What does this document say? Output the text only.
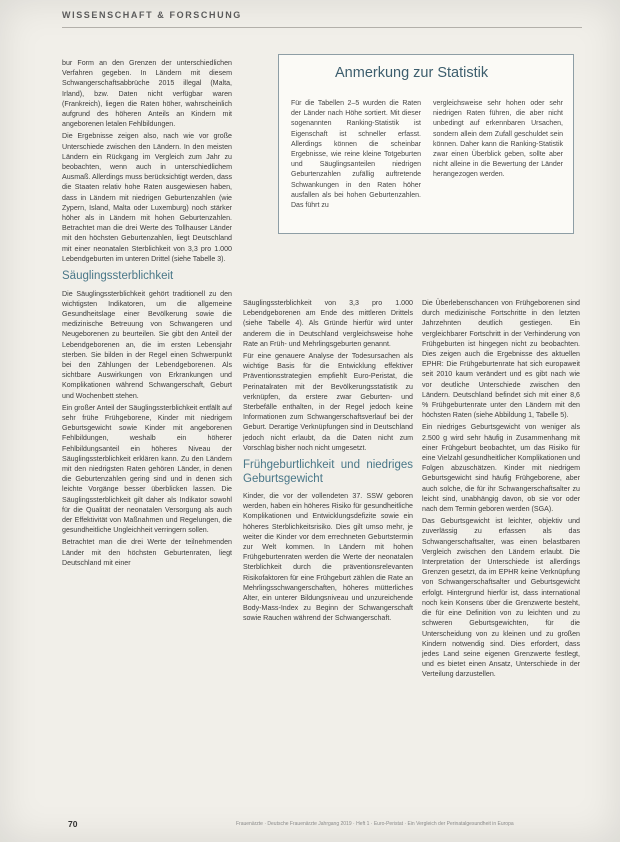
WISSENSCHAFT & FORSCHUNG

bur Form an den Grenzen der unterschiedlichen Verfahren gegeben. In Ländern mit diesem Schwangerschaftsabbrüche 2015 illegal (Malta, Irland), bzw. Daten nicht verfügbar waren (Frankreich), liegen die Raten höher, wahrscheinlich aufgrund des höheren Anteils an Kindern mit angeborenen letalen Fehlbildungen.

Die Ergebnisse zeigen also, nach wie vor große Unterschiede zwischen den Ländern. In den meisten Ländern ein Rückgang im Vergleich zum Jahr zu beobachten, wenn auch in unterschiedlichem Ausmaß. Allerdings muss berücksichtigt werden, dass die Staaten relativ hohe Raten ausgewiesen haben, dass in Ländern mit niedrigen Geburtenzahlen (wie Zypern, Island, Malta oder Luxemburg) noch stärker höher als in Ländern mit hohen Geburtenzahlen. Betrachtet man die drei Werte des Tollhauser Länder mit den höchsten Geburtenzahlen, liegt Deutschland mit einer neonatalen Sterblichkeit von 3,3 pro 1.000 Lebendgeburten im unteren Drittel (siehe Tabelle 3).

Säuglingssterblichkeit

Die Säuglingssterblichkeit gehört traditionell zu den wichtigsten Indikatoren, um die allgemeine Gesundheitslage einer Bevölkerung sowie die medizinische Betreuung von Schwangeren und Neugeborenen zu beurteilen. Sie gibt den Anteil der Lebendgeborenen an, die im ersten Lebensjahr sterben. Sie bilden in der Regel einen Schwerpunkt bei den Zählungen der Lebendgeborenen. Als sichtbare Auswirkungen von Erkrankungen und Komplikationen während Schwangerschaft, Geburt und Wochenbett stehen.

Ein großer Anteil der Säuglingssterblichkeit entfällt auf sehr frühe Frühgeborene, Kinder mit niedrigem Geburtsgewicht sowie Kinder mit angeborenen Fehlbildungen, weshalb ein höherer Fehlbildungsanteil ein höheres Niveau der Säuglingssterblichkeit erklären kann. Zu den Ländern mit den niedrigsten Raten gehören Länder, in denen die Geburtenzahlen gering sind und in denen sich leichte Vorgänge besser überblicken lassen. Die Säuglingssterblichkeit gilt daher als Indikator sowohl für die Qualität der neonatalen Versorgung als auch der Effektivität von Maßnahmen und Regelungen, die gesundheitliche Ungleichheit verringern sollen.

Betrachtet man die drei Werte der teilnehmenden Länder mit den höchsten Geburtenraten, liegt Deutschland mit einer

Anmerkung zur Statistik
Für die Tabellen 2–5 wurden die Raten der Länder nach Höhe sortiert. Mit dieser sogenannten Ranking-Statistik ist Eigenschaft ist schneller erfasst. Allerdings können die scheinbar Ergebnisse, wie reine kleine Totgeburten und Säuglingsanteilen niedrigen Geburtenzahlen zufällig auftretende Schwankungen in den Raten höher ausfallen als bei hohen Geburtenzahlen. Das führt zu
vergleichsweise sehr hohen oder sehr niedrigen Raten führen, die aber nicht unbedingt auf erkennbaren Ursachen, sondern allein dem Zufall geschuldet sein können. Daher kann die Ranking-Statistik zwar einen Überblick geben, sollte aber nicht alleine in die Bewertung der Länder herangezogen werden.

Säuglingssterblichkeit von 3,3 pro 1.000 Lebendgeborenen am Ende des mittleren Drittels (siehe Tabelle 4). Als Gründe hierfür wird unter anderem die in Deutschland vergleichsweise hohe Rate an Früh- und Mehrlingsgeburten genannt.

Für eine genauere Analyse der Todesursachen als wichtige Basis für die Entwicklung effektiver Präventionsstrategien empfiehlt Euro-Peristat, die Perinatalraten mit der Bevölkerungsstatistik zu verknüpfen, da erstere zwar Geburten- und Sterbefälle enthalten, in der Regel jedoch keine Informationen zum Schwangerschaftsverlauf bei der Geburt. Derartige Verknüpfungen sind in Deutschland jedoch nicht erlaubt, da die Daten nicht zum Vorschlag bisher noch nicht umgesetzt.

Frühgeburtlichkeit und niedriges Geburtsgewicht

Kinder, die vor der vollendeten 37. SSW geboren werden, haben ein höheres Risiko für gesundheitliche Komplikationen und Entwicklungsdefizite sowie ein höheres Sterblichkeitsrisiko. Dies gilt umso mehr, je weiter die Kinder vor dem errechneten Geburtstermin zur Welt kommen. In Ländern mit hohen Frühgeburtenraten werden die Werte der neonatalen Sterblichkeit durch die präventionsrelevanten Risikofaktoren für eine Frühgeburt zählen die Rate an Mehrlingsschwangerschaften, höheres mütterliches Alter, ein unterer Bildungsniveau und unzureichende Body-Mass-Index zu Beginn der Schwangerschaft sowie Rauchen während der Schwangerschaft.

Die Überlebenschancen von Frühgeborenen sind durch medizinische Fortschritte in den letzten Jahrzehnten deutlich gestiegen. Ein vergleichbarer Fortschritt in der Verhinderung von Frühgeburten ist hingegen nicht zu beobachten. Dies zeigen auch die Ergebnisse des aktuellen EPHR: Die Frühgeburtenrate hat sich europaweit seit 2010 kaum verändert und es gibt nach wie vor deutliche Unterschiede zwischen den Ländern. Deutschland befindet sich mit einer 8,6 % Frühgeburtenrate unter den Ländern mit den höchsten Raten (siehe Abbildung 1, Tabelle 5).

Ein niedriges Geburtsgewicht von weniger als 2.500 g wird sehr häufig in Zusammenhang mit einer Frühgeburt beobachtet, um das Risiko für eine Vielzahl gesundheitlicher Komplikationen und Folgen abzuschätzen. Kinder mit niedrigem Geburtsgewicht sind häufig Frühgeborene, aber auch solche, die für ihr Schwangerschaftsalter zu leicht sind, unabhängig davon, ob sie vor oder nach dem Termin geboren werden (SGA).

Das Geburtsgewicht ist leichter, objektiv und zuverlässig zu erfassen als das Schwangerschaftsalter, was einen belastbaren Vergleich zwischen den Ländern erlaubt. Die Interpretation der Unterschiede ist allerdings Grenzen gesetzt, da im EPHR keine Verknüpfung von Schwangerschaftsalter und Geburtsgewicht erfolgt. Hintergrund hierfür ist, dass international noch kein Konsens über die Grenzwerte besteht, die für eine Definition von zu leichten und zu schweren Geburtsgewichten, für die Unterscheidung von zu kleinen und zu großen Kindern notwendig sind. Dies erfordert, dass jedes Land seine eigenen Grenzwerte festlegt, und es bietet einen Ansatz, Unterschiede in der Verteilung darzustellen.

70	Frauenärzte · Deutsche Frauenärzte Jahrgang 2019 · Heft 1 · Euro-Peristat · Ein Vergleich der Perinatalgesundheit in Europa
